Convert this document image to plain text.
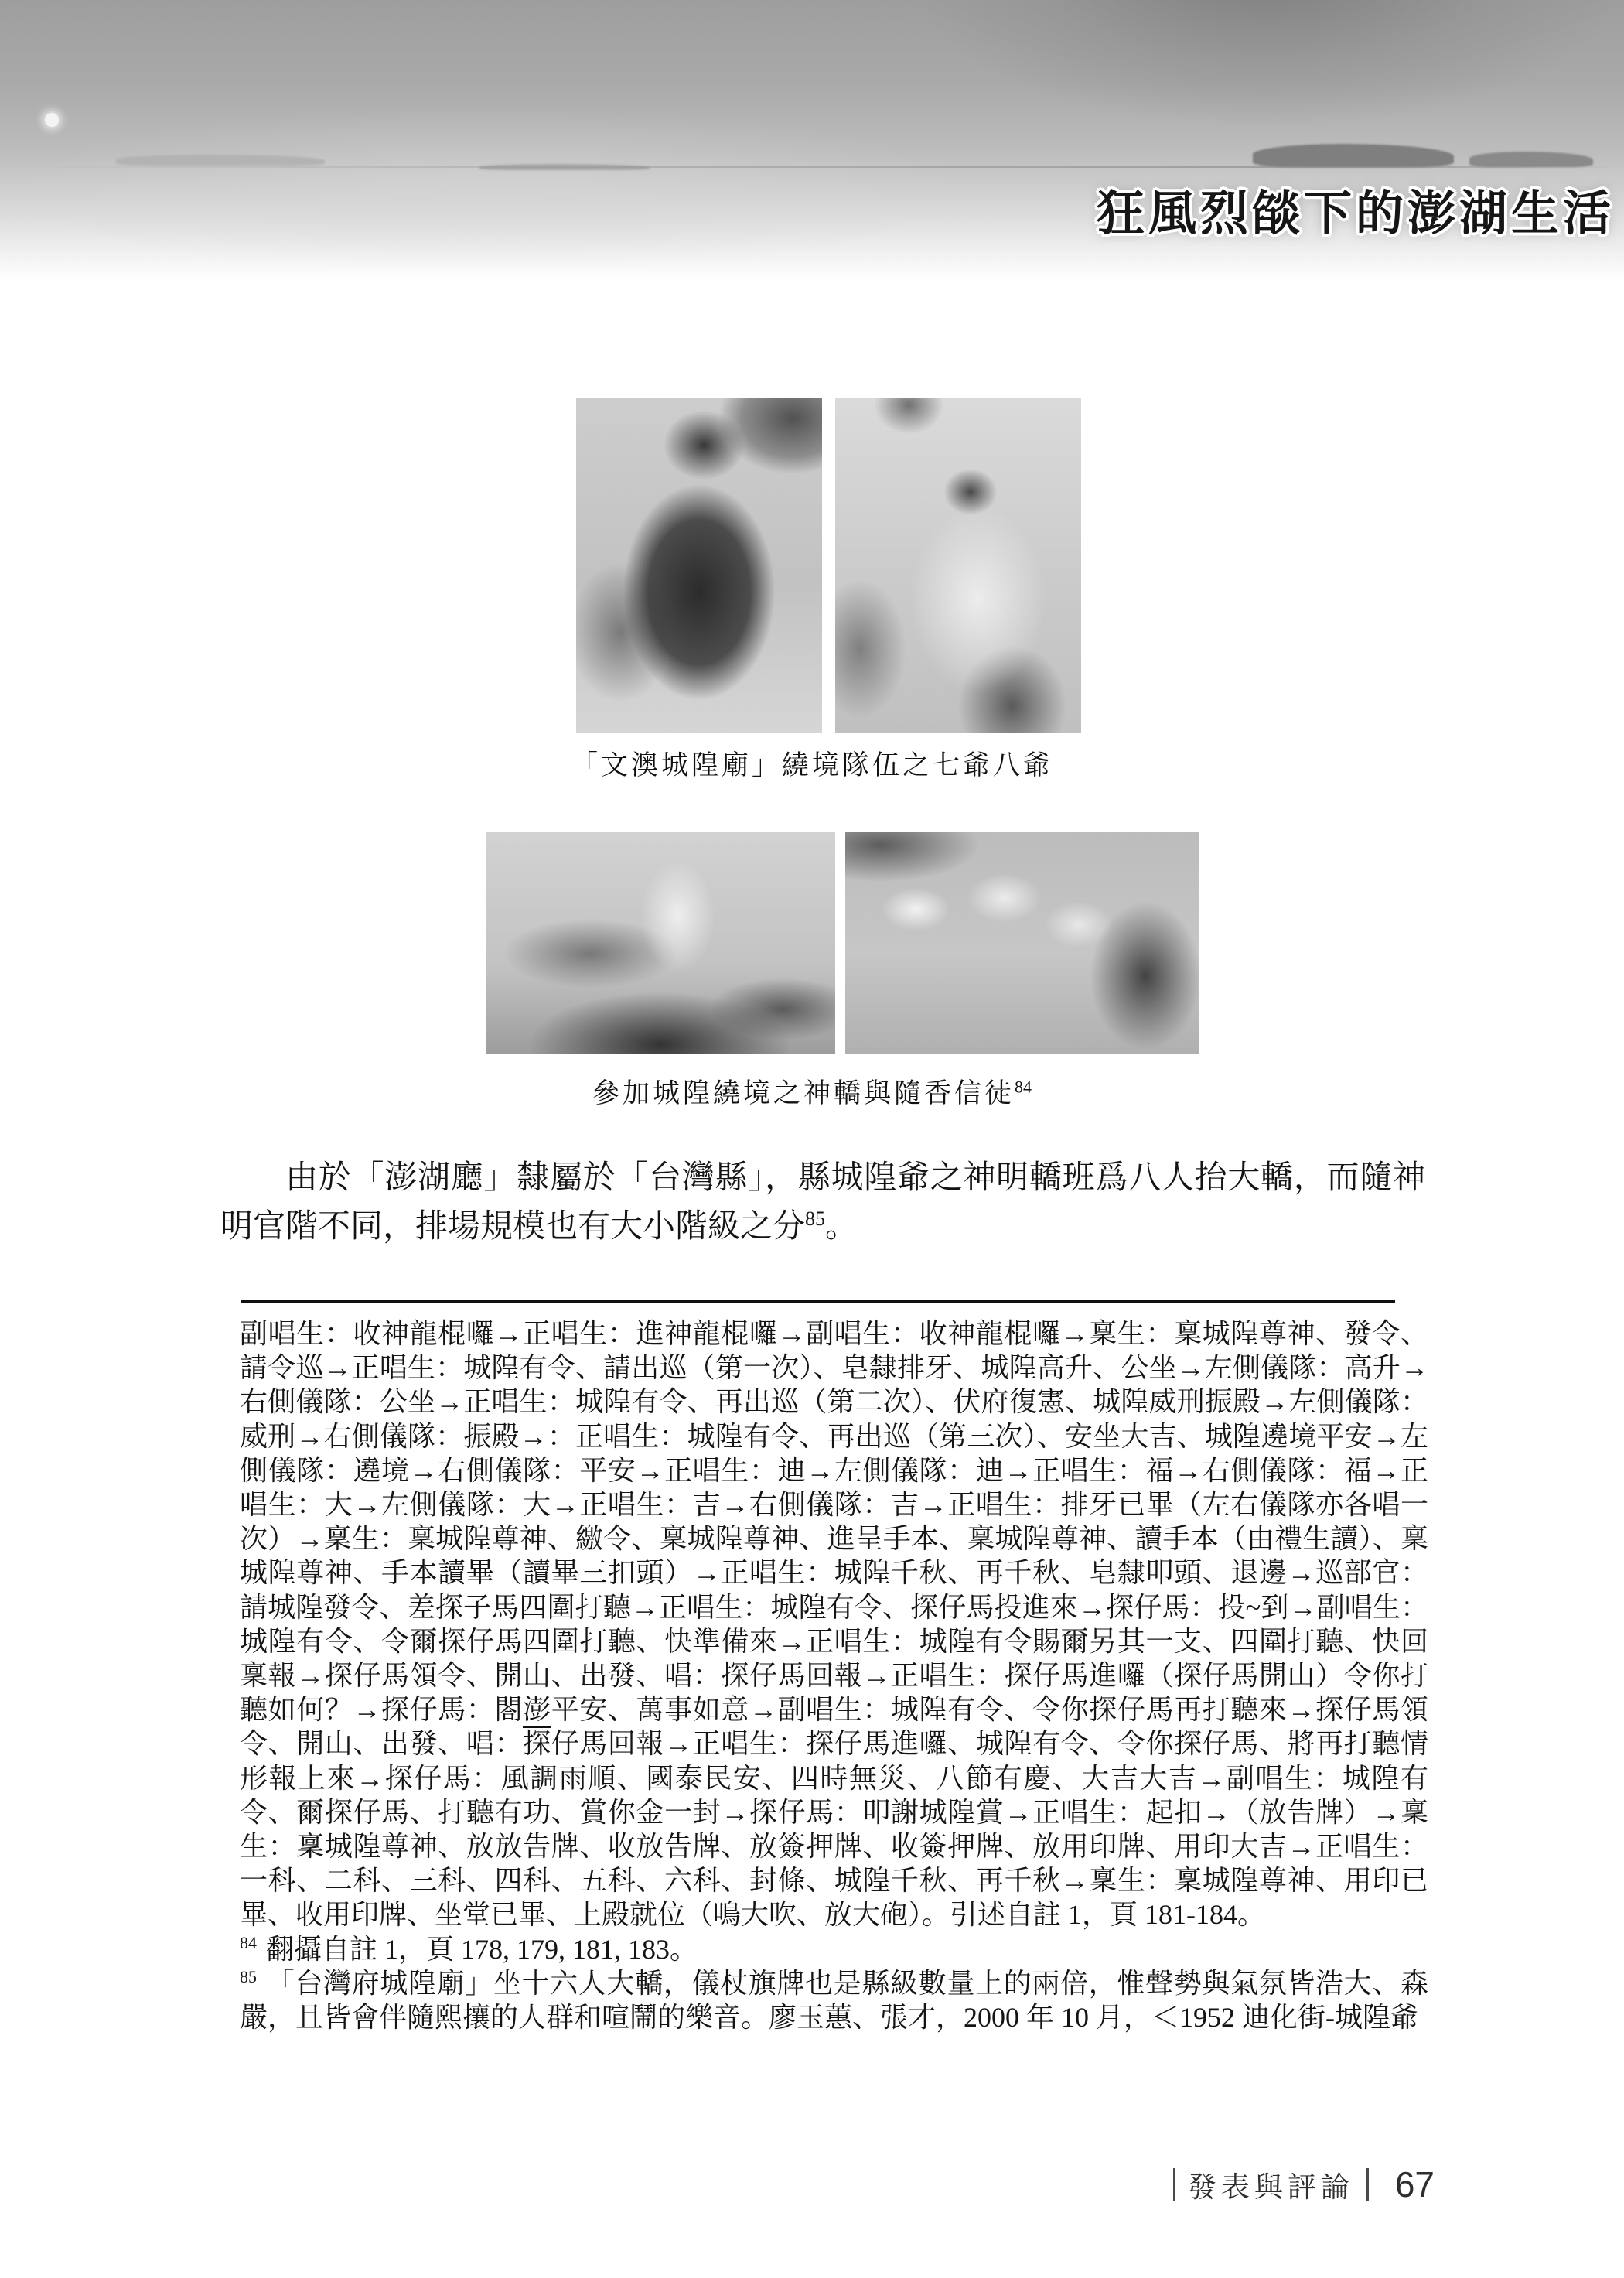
狂風烈燄下的澎湖生活
「文澳城隍廟」繞境隊伍之七爺八爺
參加城隍繞境之神轎與隨香信徒$^{84}$

由於「澎湖廳」隸屬於「台灣縣」，縣城隍爺之神明轎班爲八人抬大轎，而隨神明官階不同，排場規模也有大小階級之分$^{85}$。

副唱生：收神龍棍囉→正唱生：進神龍棍囉→副唱生：收神龍棍囉→稟生：稟城隍尊神、發令、請令巡→正唱生：城隍有令、請出巡（第一次）、皂隸排牙、城隍高升、公坐→左側儀隊：高升→右側儀隊：公坐→正唱生：城隍有令、再出巡（第二次）、伏府復憲、城隍威刑振殿→左側儀隊：威刑→右側儀隊：振殿→：正唱生：城隍有令、再出巡（第三次）、安坐大吉、城隍遶境平安→左側儀隊：遶境→右側儀隊：平安→正唱生：迪→左側儀隊：迪→正唱生：福→右側儀隊：福→正唱生：大→左側儀隊：大→正唱生：吉→右側儀隊：吉→正唱生：排牙已畢（左右儀隊亦各唱一次）→稟生：稟城隍尊神、繳令、稟城隍尊神、進呈手本、稟城隍尊神、讀手本（由禮生讀）、稟城隍尊神、手本讀畢（讀畢三扣頭）→正唱生：城隍千秋、再千秋、皂隸叩頭、退邊→巡部官：請城隍發令、差探子馬四圍打聽→正唱生：城隍有令、探仔馬投進來→探仔馬：投~到→副唱生：城隍有令、令爾探仔馬四圍打聽、快準備來→正唱生：城隍有令賜爾另其一支、四圍打聽、快回稟報→探仔馬領令、開山、出發、唱：探仔馬回報→正唱生：探仔馬進囉（探仔馬開山）令你打聽如何？→探仔馬：閤澎平安、萬事如意→副唱生：城隍有令、令你探仔馬再打聽來→探仔馬領令、開山、出發、唱：探仔馬回報→正唱生：探仔馬進囉、城隍有令、令你探仔馬、將再打聽情形報上來→探仔馬：風調雨順、國泰民安、四時無災、八節有慶、大吉大吉→副唱生：城隍有令、爾探仔馬、打聽有功、賞你金一封→探仔馬：叩謝城隍賞→正唱生：起扣→（放告牌）→稟生：稟城隍尊神、放放告牌、收放告牌、放簽押牌、收簽押牌、放用印牌、用印大吉→正唱生：一科、二科、三科、四科、五科、六科、封條、城隍千秋、再千秋→稟生：稟城隍尊神、用印已畢、收用印牌、坐堂已畢、上殿就位（鳴大吹、放大砲）。引述自註 1，頁 181-184。

$^{84}$ 翻攝自註 1，頁 178, 179, 181, 183。

$^{85}$ 「台灣府城隍廟」坐十六人大轎，儀杖旗牌也是縣級數量上的兩倍，惟聲勢與氣氛皆浩大、森嚴，且皆會伴隨熙攘的人群和喧鬧的樂音。廖玉蕙、張才，2000 年 10 月，＜1952 迪化街-城隍爺

發表與評論 67
